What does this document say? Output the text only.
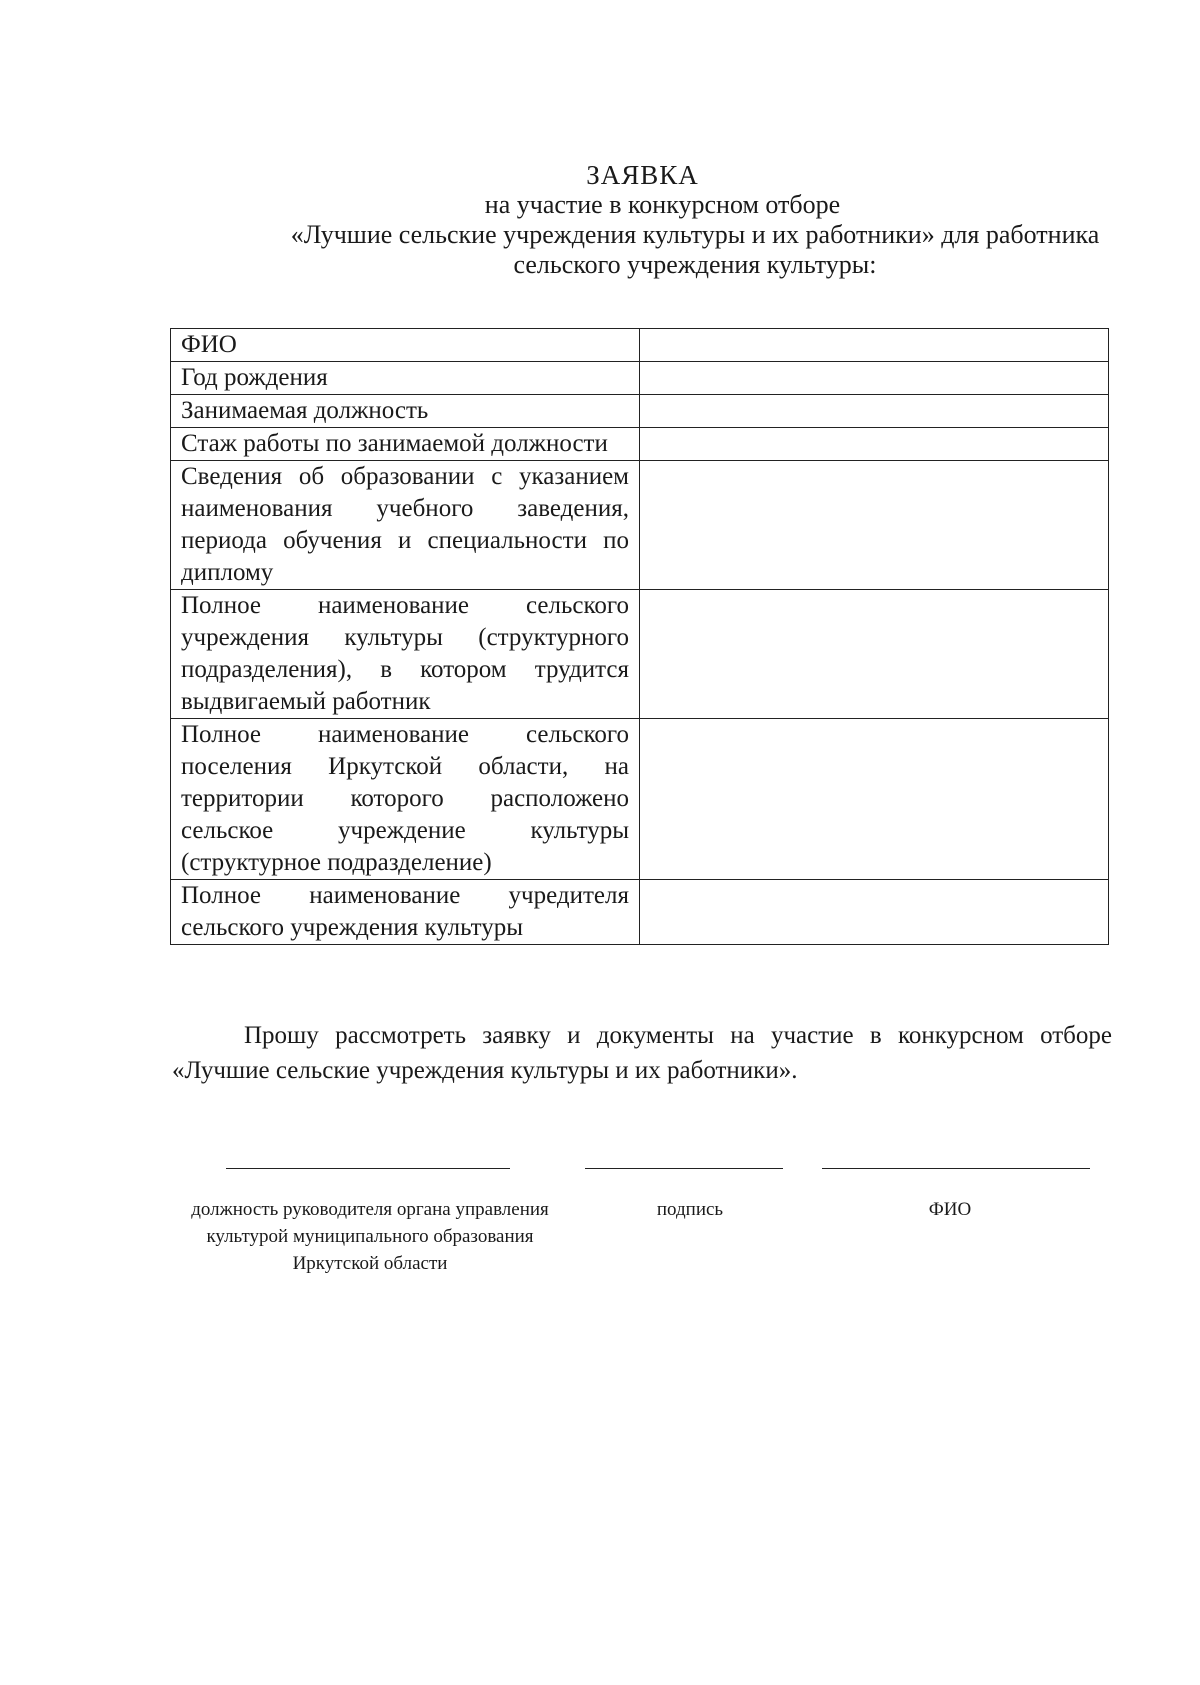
ЗАЯВКА
на участие в конкурсном отборе
«Лучшие сельские учреждения культуры и их работники» для работника
сельского учреждения культуры:
ФИО	
Год рождения	
Занимаемая должность	
Стаж работы по занимаемой должности	
Сведения об образовании с указанием наименования учебного заведения, периода обучения и специальности по диплому	
Полное наименование сельского учреждения культуры (структурного подразделения), в котором трудится выдвигаемый работник	
Полное наименование сельского поселения Иркутской области, на территории которого расположено сельское учреждение культуры (структурное подразделение)	
Полное наименование учредителя сельского учреждения культуры	
Прошу рассмотреть заявку и документы на участие в конкурсном отборе «Лучшие сельские учреждения культуры и их работники».
должность руководителя органа управления культурой муниципального образования Иркутской области
подпись	ФИО
